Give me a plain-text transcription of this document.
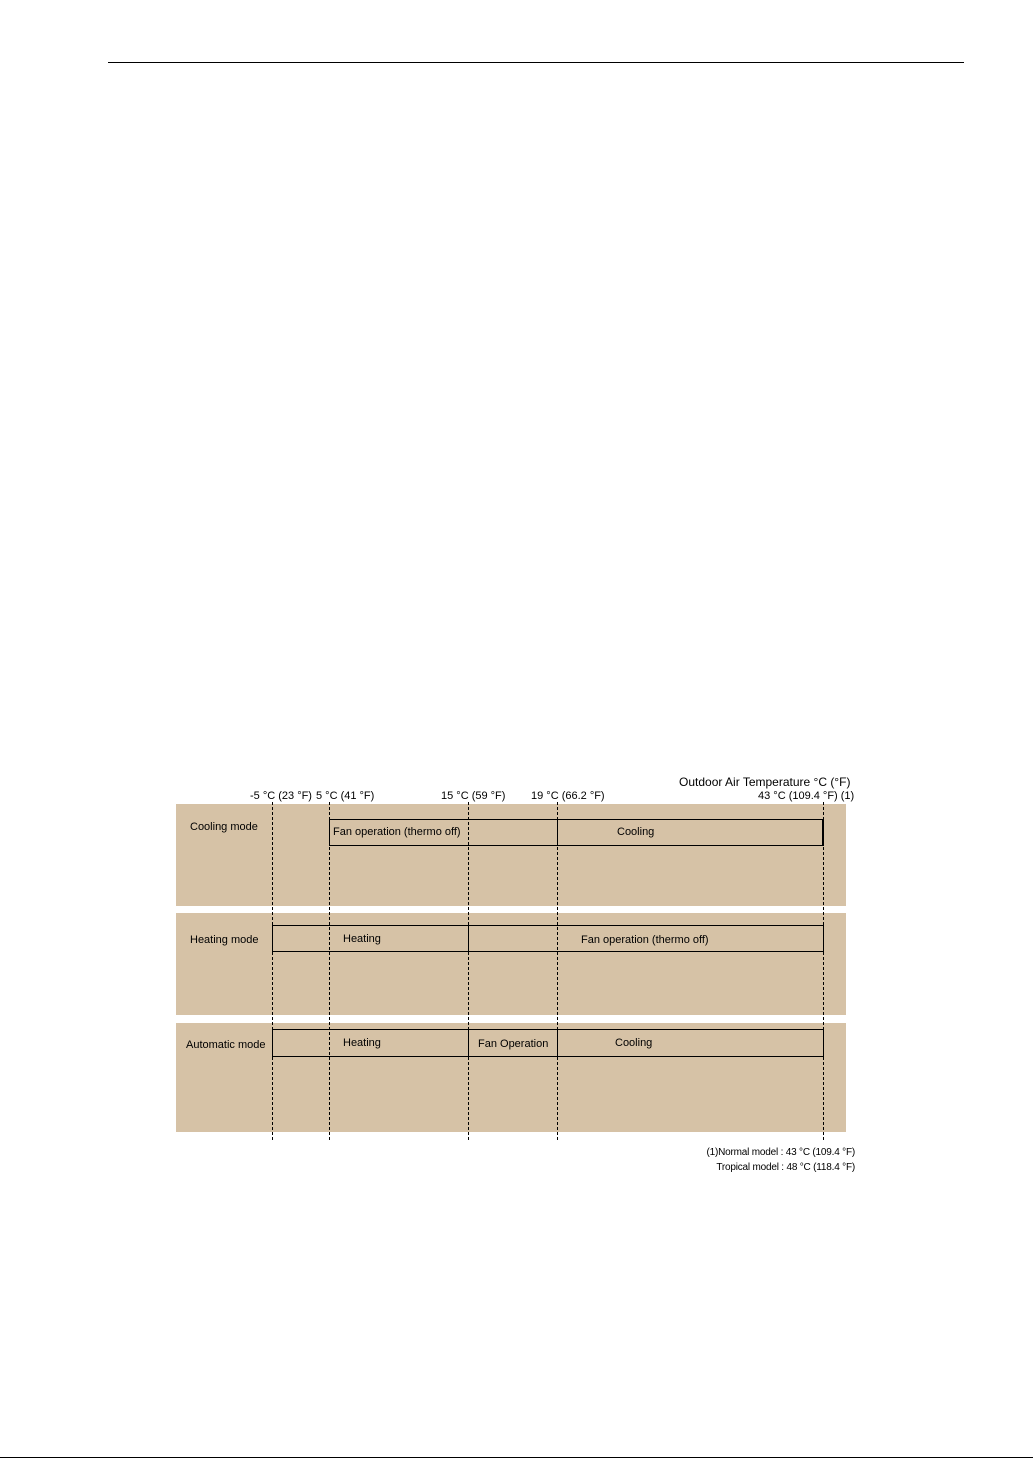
Outdoor Air Temperature °C (°F)
-5 °C (23 °F) 5 °C (41 °F)	15 °C (59 °F) 19 °C (66.2 °F)	43 °C (109.4 °F) (1)
Cooling mode
Heating mode
Automatic mode
Fan operation (thermo off)	Cooling
Heating	Fan operation (thermo off)
Heating	Fan Operation	Cooling
(1)Normal model : 43 °C (109.4 °F)
Tropical model : 48 °C (118.4 °F)
